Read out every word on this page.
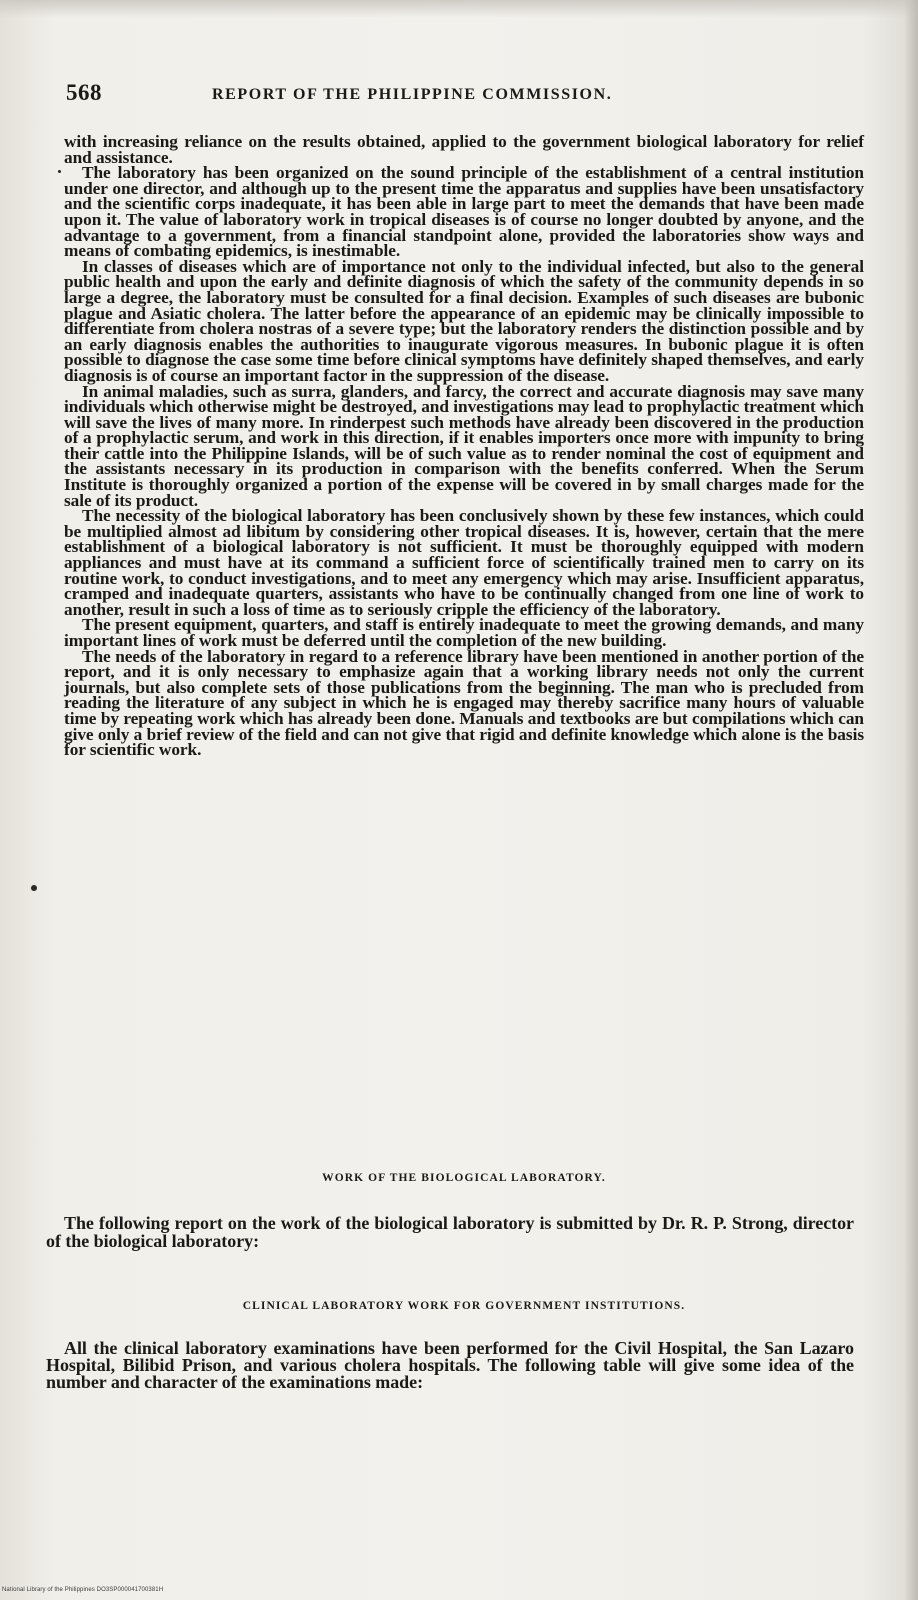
568	REPORT OF THE PHILIPPINE COMMISSION.

with increasing reliance on the results obtained, applied to the government biological laboratory for relief and assistance.

The laboratory has been organized on the sound principle of the establishment of a central institution under one director, and although up to the present time the apparatus and supplies have been unsatisfactory and the scientific corps inadequate, it has been able in large part to meet the demands that have been made upon it. The value of laboratory work in tropical diseases is of course no longer doubted by anyone, and the advantage to a government, from a financial standpoint alone, provided the laboratories show ways and means of combating epidemics, is inestimable.

In classes of diseases which are of importance not only to the individual infected, but also to the general public health and upon the early and definite diagnosis of which the safety of the community depends in so large a degree, the laboratory must be consulted for a final decision. Examples of such diseases are bubonic plague and Asiatic cholera. The latter before the appearance of an epidemic may be clinically impossible to differentiate from cholera nostras of a severe type; but the laboratory renders the distinction possible and by an early diagnosis enables the authorities to inaugurate vigorous measures. In bubonic plague it is often possible to diagnose the case some time before clinical symptoms have definitely shaped themselves, and early diagnosis is of course an important factor in the suppression of the disease.

In animal maladies, such as surra, glanders, and farcy, the correct and accurate diagnosis may save many individuals which otherwise might be destroyed, and investigations may lead to prophylactic treatment which will save the lives of many more. In rinderpest such methods have already been discovered in the production of a prophylactic serum, and work in this direction, if it enables importers once more with impunity to bring their cattle into the Philippine Islands, will be of such value as to render nominal the cost of equipment and the assistants necessary in its production in comparison with the benefits conferred. When the Serum Institute is thoroughly organized a portion of the expense will be covered in by small charges made for the sale of its product.

The necessity of the biological laboratory has been conclusively shown by these few instances, which could be multiplied almost ad libitum by considering other tropical diseases. It is, however, certain that the mere establishment of a biological laboratory is not sufficient. It must be thoroughly equipped with modern appliances and must have at its command a sufficient force of scientifically trained men to carry on its routine work, to conduct investigations, and to meet any emergency which may arise. Insufficient apparatus, cramped and inadequate quarters, assistants who have to be continually changed from one line of work to another, result in such a loss of time as to seriously cripple the efficiency of the laboratory.

The present equipment, quarters, and staff is entirely inadequate to meet the growing demands, and many important lines of work must be deferred until the completion of the new building.

The needs of the laboratory in regard to a reference library have been mentioned in another portion of the report, and it is only necessary to emphasize again that a working library needs not only the current journals, but also complete sets of those publications from the beginning. The man who is precluded from reading the literature of any subject in which he is engaged may thereby sacrifice many hours of valuable time by repeating work which has already been done. Manuals and textbooks are but compilations which can give only a brief review of the field and can not give that rigid and definite knowledge which alone is the basis for scientific work.

WORK OF THE BIOLOGICAL LABORATORY.

The following report on the work of the biological laboratory is submitted by Dr. R. P. Strong, director of the biological laboratory:

CLINICAL LABORATORY WORK FOR GOVERNMENT INSTITUTIONS.

All the clinical laboratory examinations have been performed for the Civil Hospital, the San Lazaro Hospital, Bilibid Prison, and various cholera hospitals. The following table will give some idea of the number and character of the examinations made:

National Library of the Philippines DO3SP000041700381H
